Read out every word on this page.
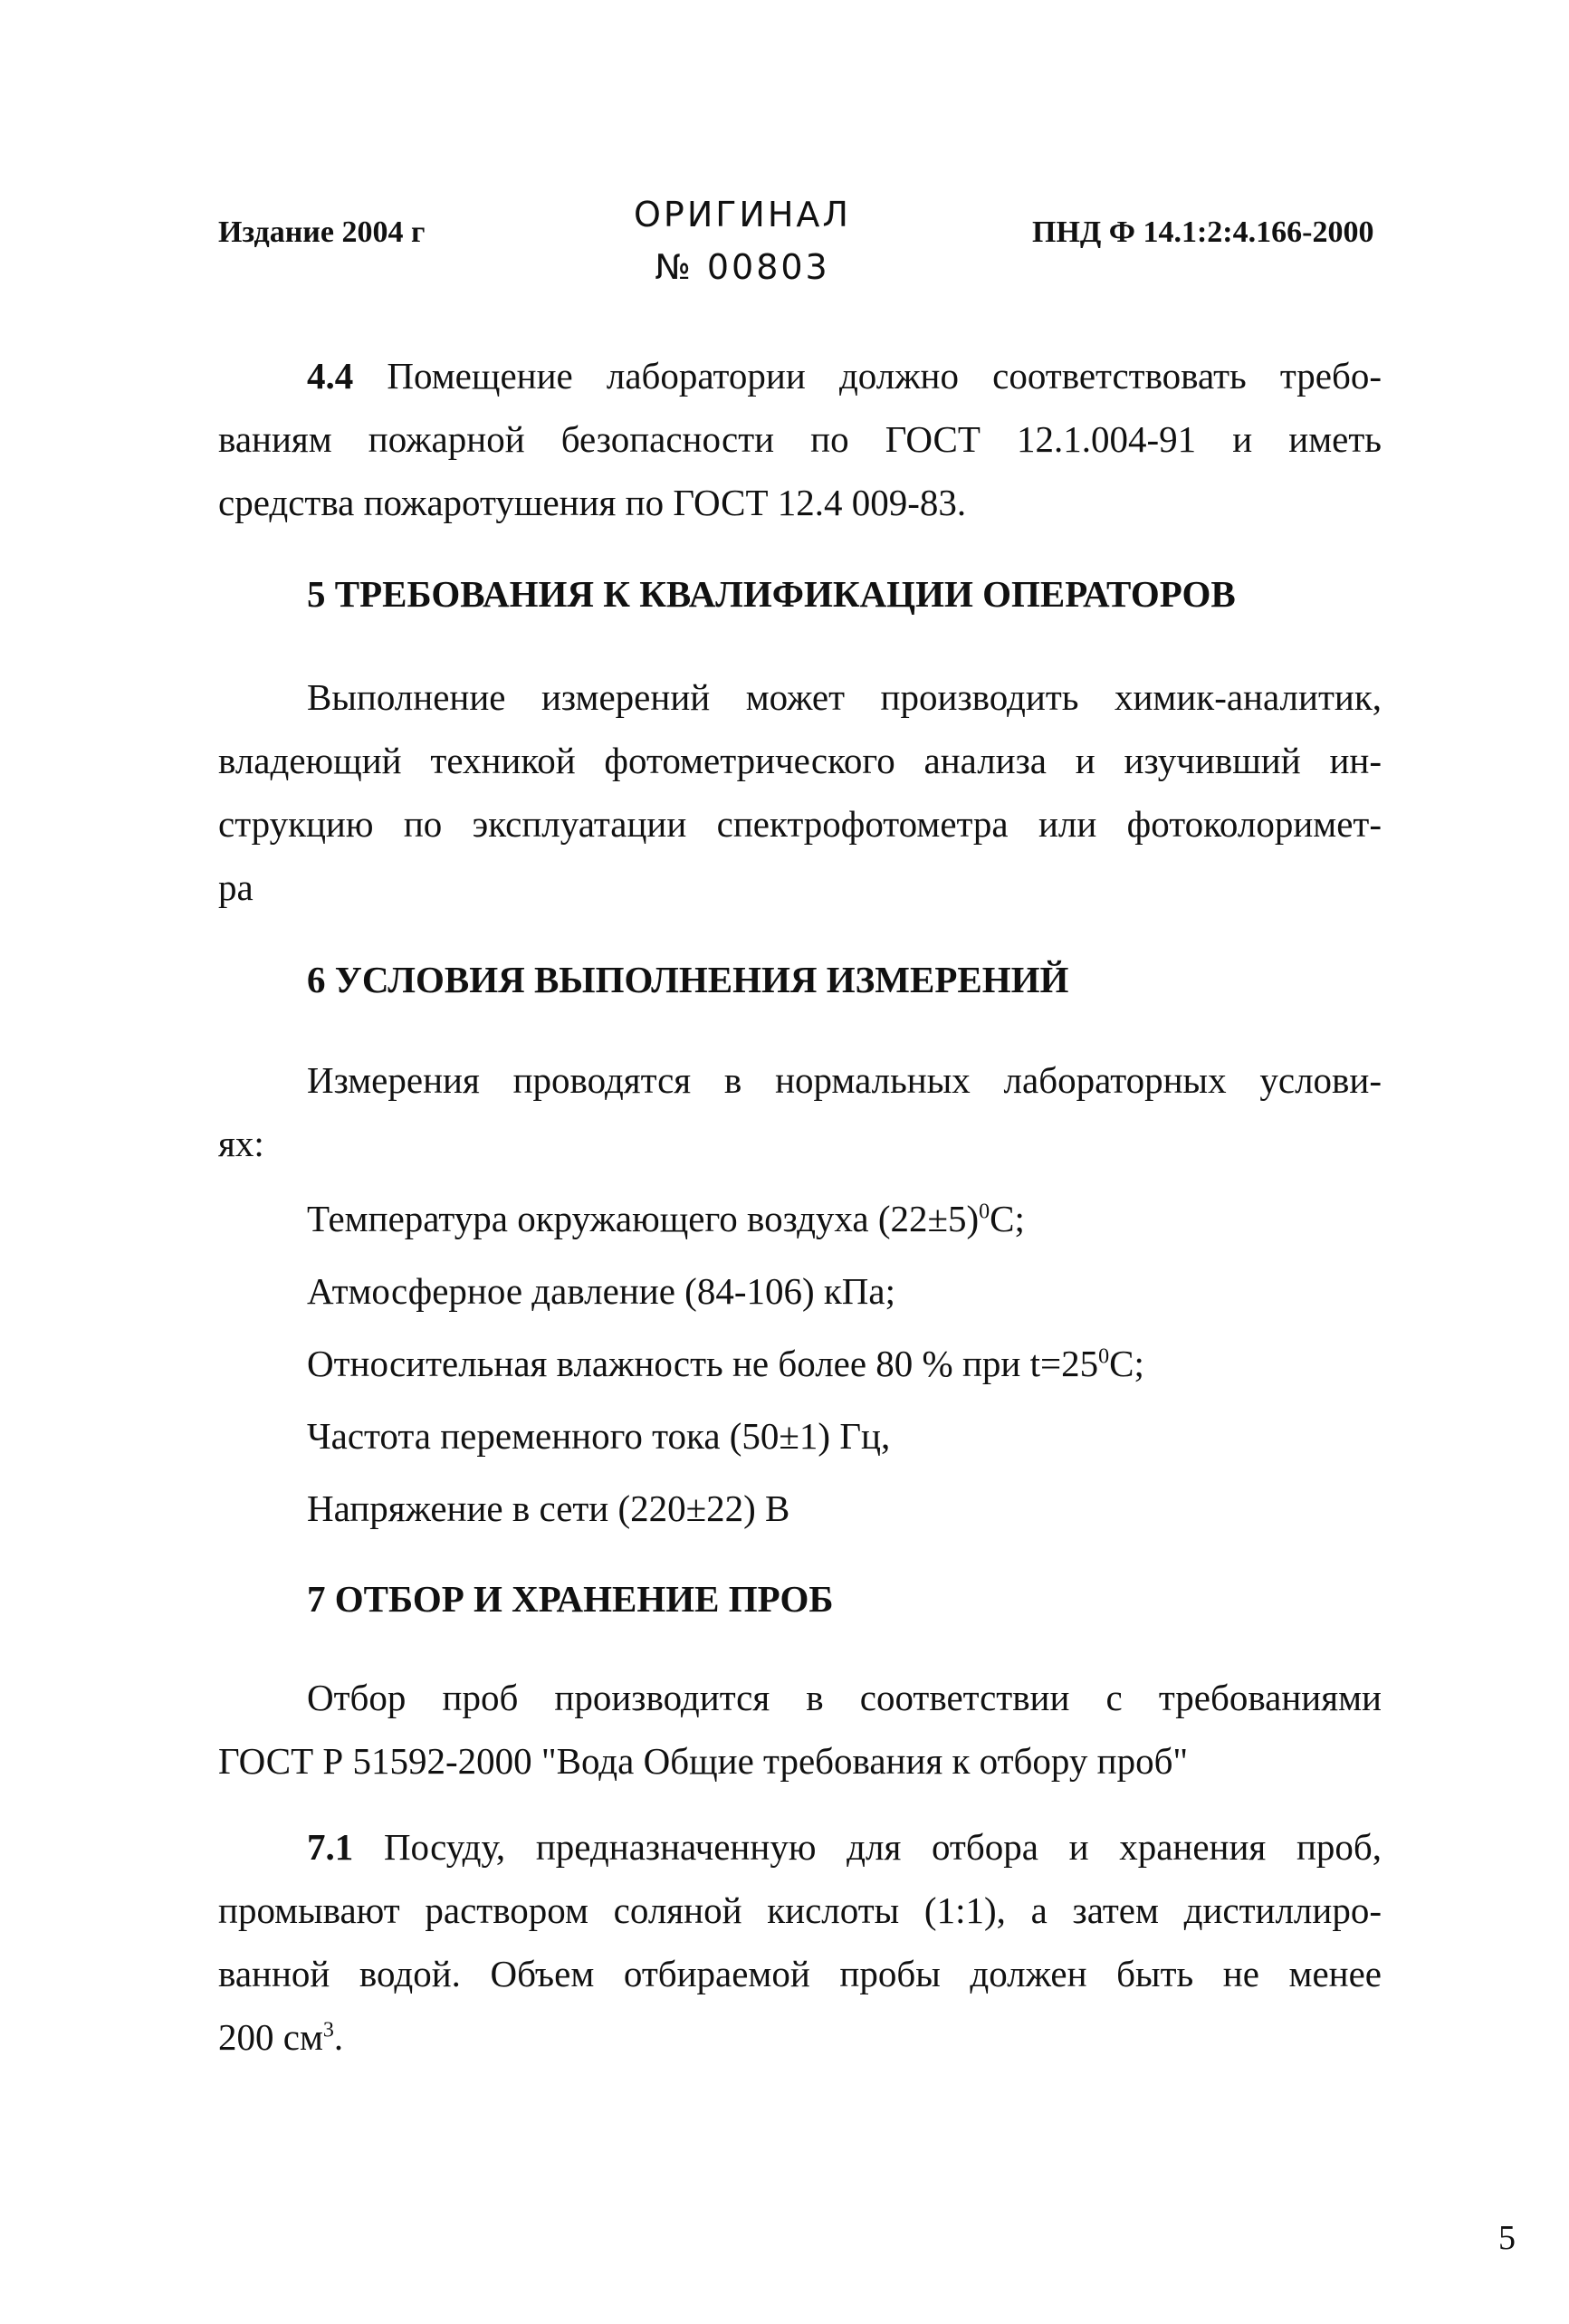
Издание 2004 г	ОРИГИНАЛ
№ 00803
ПНД Ф 14.1:2:4.166-2000
4.4 Помещение лаборатории должно соответствовать требо-
ваниям пожарной безопасности по ГОСТ 12.1.004-91 и иметь
средства пожаротушения по ГОСТ 12.4 009-83.
5 ТРЕБОВАНИЯ К КВАЛИФИКАЦИИ ОПЕРАТОРОВ
Выполнение измерений может производить химик-аналитик,
владеющий техникой фотометрического анализа и изучивший ин-
струкцию по эксплуатации спектрофотометра или фотоколоримет-
ра
6 УСЛОВИЯ ВЫПОЛНЕНИЯ ИЗМЕРЕНИЙ
Измерения проводятся в нормальных лабораторных услови-
ях:
Температура окружающего воздуха $(22\pm 5)^0С$;
Атмосферное давление (84-106) кПа;
Относительная влажность не более 80 % при $t=25^0С$;
Частота переменного тока (50±1) Гц,
Напряжение в сети (220±22) В
7 ОТБОР И ХРАНЕНИЕ ПРОБ
Отбор проб производится в соответствии с требованиями
ГОСТ Р 51592-2000 "Вода Общие требования к отбору проб"
7.1 Посуду, предназначенную для отбора и хранения проб,
промывают раствором соляной кислоты (1:1), а затем дистиллиро-
ванной водой. Объем отбираемой пробы должен быть не менее
200 $см^3$.
5
